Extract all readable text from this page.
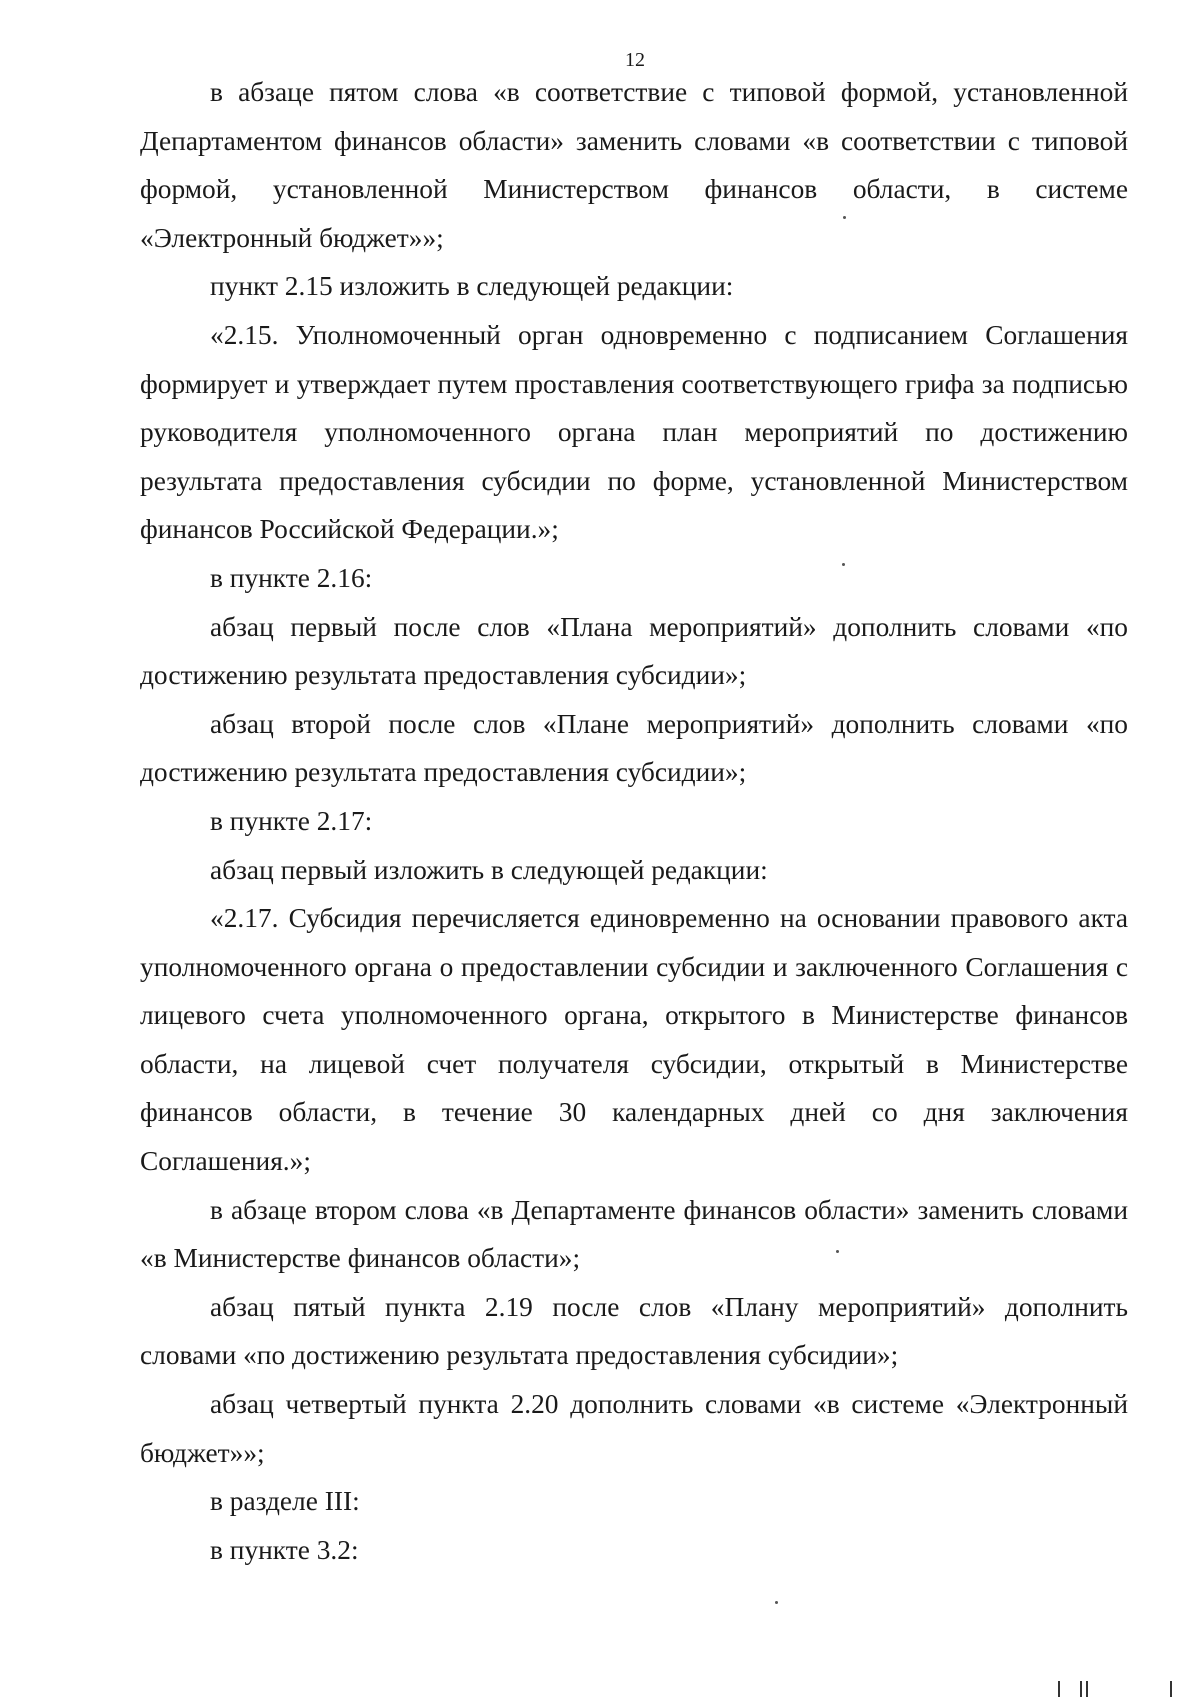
12

в абзаце пятом слова «в соответствие с типовой формой, установленной Департаментом финансов области» заменить словами «в соответствии с типовой формой, установленной Министерством финансов области, в системе «Электронный бюджет»»;

пункт 2.15 изложить в следующей редакции:

«2.15. Уполномоченный орган одновременно с подписанием Соглашения формирует и утверждает путем проставления соответствующего грифа за подписью руководителя уполномоченного органа план мероприятий по достижению результата предоставления субсидии по форме, установленной Министерством финансов Российской Федерации.»;

в пункте 2.16:

абзац первый после слов «Плана мероприятий» дополнить словами «по достижению результата предоставления субсидии»;

абзац второй после слов «Плане мероприятий» дополнить словами «по достижению результата предоставления субсидии»;

в пункте 2.17:

абзац первый изложить в следующей редакции:

«2.17. Субсидия перечисляется единовременно на основании правового акта уполномоченного органа о предоставлении субсидии и заключенного Соглашения с лицевого счета уполномоченного органа, открытого в Министерстве финансов области, на лицевой счет получателя субсидии, открытый в Министерстве финансов области, в течение 30 календарных дней со дня заключения Соглашения.»;

в абзаце втором слова «в Департаменте финансов области» заменить словами «в Министерстве финансов области»;

абзац пятый пункта 2.19 после слов «Плану мероприятий» дополнить словами «по достижению результата предоставления субсидии»;

абзац четвертый пункта 2.20 дополнить словами «в системе «Электронный бюджет»»;

в разделе III:

в пункте 3.2:
